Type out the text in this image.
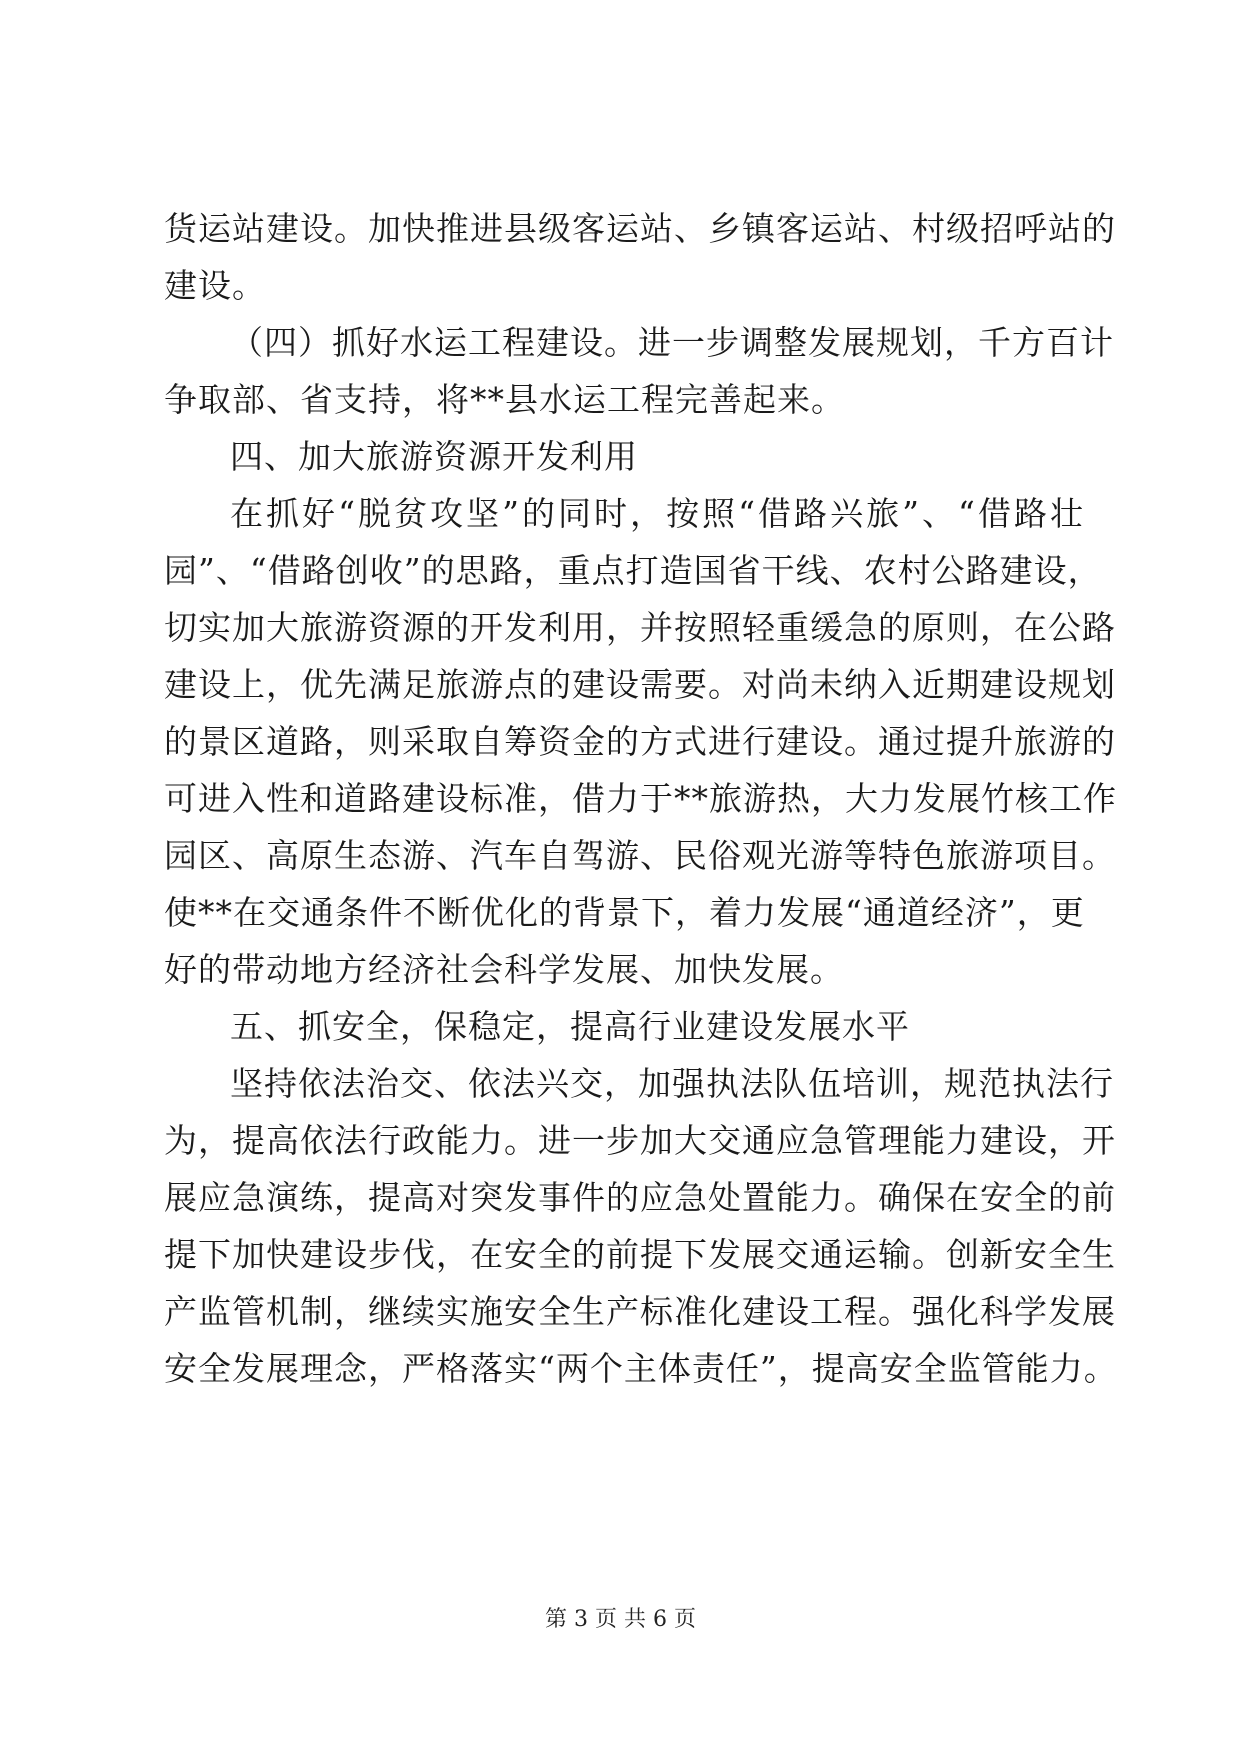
货运站建设。加快推进县级客运站、乡镇客运站、村级招呼站的
建设。
（四）抓好水运工程建设。进一步调整发展规划，千方百计
争取部、省支持，将**县水运工程完善起来。
四、加大旅游资源开发利用
在抓好“脱贫攻坚”的同时，按照“借路兴旅”、“借路壮
园”、“借路创收”的思路，重点打造国省干线、农村公路建设，
切实加大旅游资源的开发利用，并按照轻重缓急的原则，在公路
建设上，优先满足旅游点的建设需要。对尚未纳入近期建设规划
的景区道路，则采取自筹资金的方式进行建设。通过提升旅游的
可进入性和道路建设标准，借力于**旅游热，大力发展竹核工作
园区、高原生态游、汽车自驾游、民俗观光游等特色旅游项目。
使**在交通条件不断优化的背景下，着力发展“通道经济”，更
好的带动地方经济社会科学发展、加快发展。
五、抓安全，保稳定，提高行业建设发展水平
坚持依法治交、依法兴交，加强执法队伍培训，规范执法行
为，提高依法行政能力。进一步加大交通应急管理能力建设，开
展应急演练，提高对突发事件的应急处置能力。确保在安全的前
提下加快建设步伐，在安全的前提下发展交通运输。创新安全生
产监管机制，继续实施安全生产标准化建设工程。强化科学发展
安全发展理念，严格落实“两个主体责任”，提高安全监管能力。
第 3 页 共 6 页
